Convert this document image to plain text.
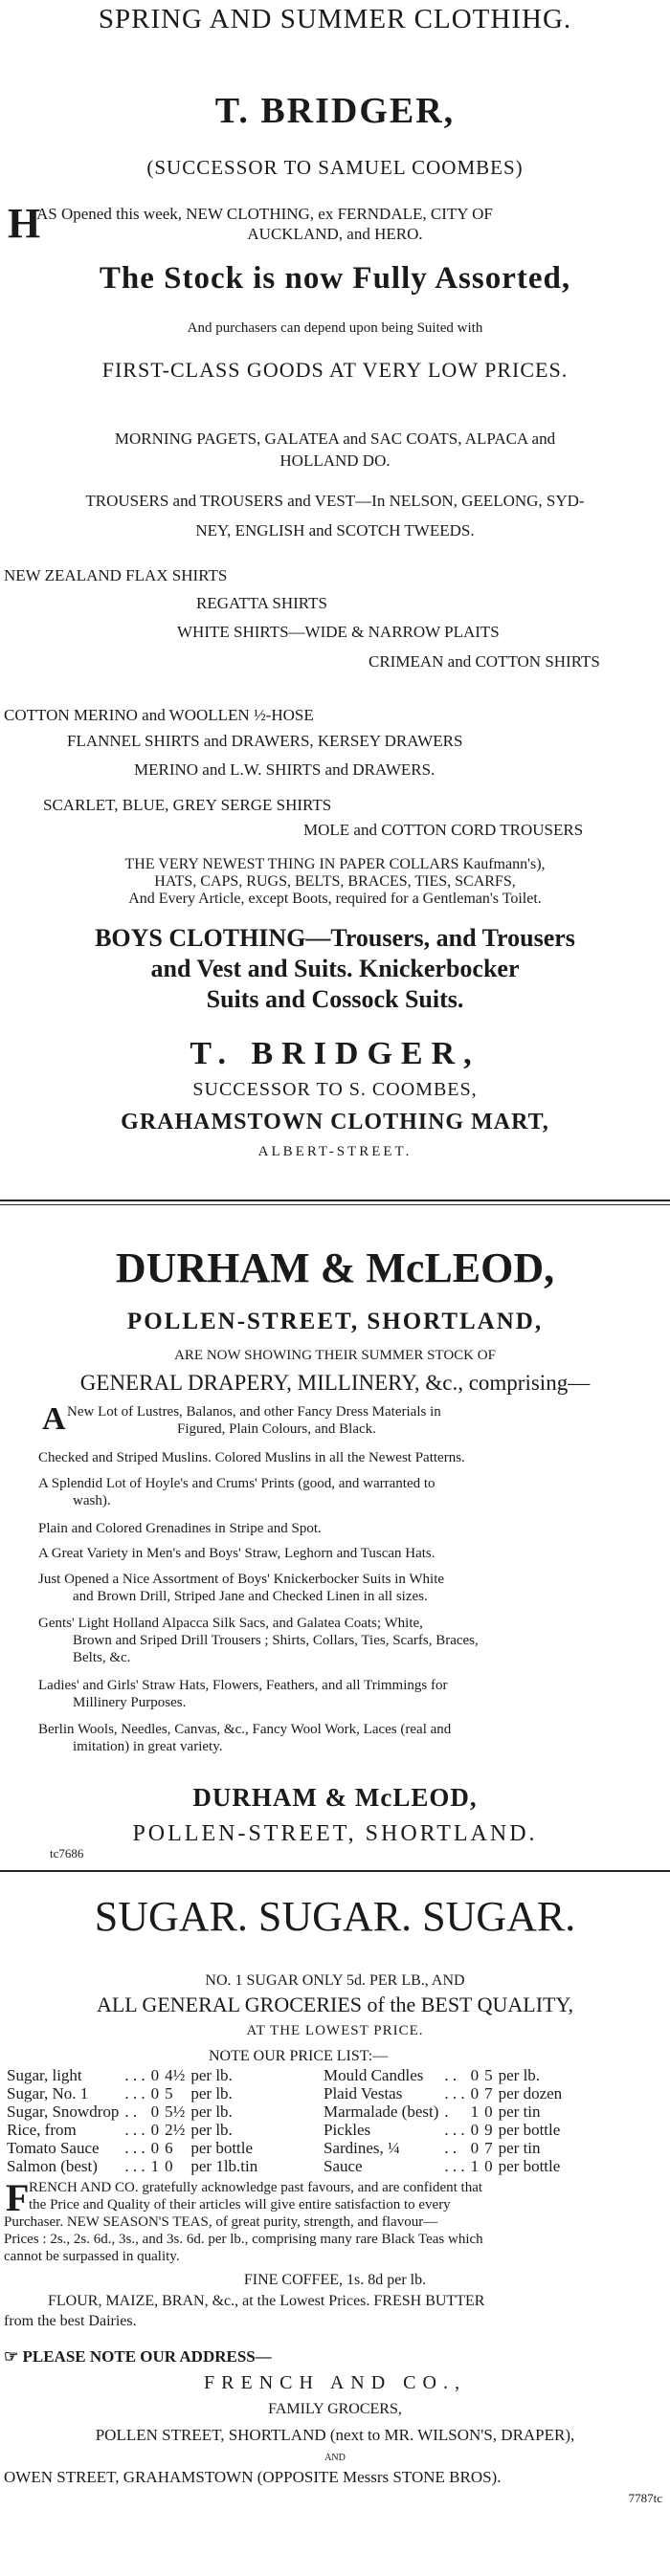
SPRING AND SUMMER CLOTHIHG.
T. BRIDGER,
(SUCCESSOR TO SAMUEL COOMBES)
H
AS Opened this week, NEW CLOTHING, ex FERNDALE, CITY OF
AUCKLAND, and HERO.
The Stock is now Fully Assorted,
And purchasers can depend upon being Suited with
FIRST-CLASS GOODS AT VERY LOW PRICES.
MORNING PAGETS, GALATEA and SAC COATS, ALPACA and
HOLLAND DO.
TROUSERS and TROUSERS and VEST—In NELSON, GEELONG, SYD-
NEY, ENGLISH and SCOTCH TWEEDS.
NEW ZEALAND FLAX SHIRTS
REGATTA SHIRTS
WHITE SHIRTS—WIDE & NARROW PLAITS
CRIMEAN and COTTON SHIRTS
COTTON MERINO and WOOLLEN ½-HOSE
FLANNEL SHIRTS and DRAWERS, KERSEY DRAWERS
MERINO and L.W. SHIRTS and DRAWERS.
SCARLET, BLUE, GREY SERGE SHIRTS
MOLE and COTTON CORD TROUSERS
THE VERY NEWEST THING IN PAPER COLLARS Kaufmann's),
HATS, CAPS, RUGS, BELTS, BRACES, TIES, SCARFS,
And Every Article, except Boots, required for a Gentleman's Toilet.
BOYS CLOTHING—Trousers, and Trousers
and Vest and Suits. Knickerbocker
Suits and Cossock Suits.
T. BRIDGER,
SUCCESSOR TO S. COOMBES,
GRAHAMSTOWN CLOTHING MART,
ALBERT-STREET.
DURHAM & McLEOD,
POLLEN-STREET, SHORTLAND,
ARE NOW SHOWING THEIR SUMMER STOCK OF
GENERAL DRAPERY, MILLINERY, &c., comprising—
A New Lot of Lustres, Balanos, and other Fancy Dress Materials in
Figured, Plain Colours, and Black.
Checked and Striped Muslins. Colored Muslins in all the Newest Patterns.
A Splendid Lot of Hoyle's and Crums' Prints (good, and warranted to
wash).
Plain and Colored Grenadines in Stripe and Spot.
A Great Variety in Men's and Boys' Straw, Leghorn and Tuscan Hats.
Just Opened a Nice Assortment of Boys' Knickerbocker Suits in White
and Brown Drill, Striped Jane and Checked Linen in all sizes.
Gents' Light Holland Alpacca Silk Sacs, and Galatea Coats; White,
Brown and Sriped Drill Trousers ; Shirts, Collars, Ties, Scarfs, Braces,
Belts, &c.
Ladies' and Girls' Straw Hats, Flowers, Feathers, and all Trimmings for
Millinery Purposes.
Berlin Wools, Needles, Canvas, &c., Fancy Wool Work, Laces (real and
imitation) in great variety.
DURHAM & McLEOD,
POLLEN-STREET, SHORTLAND.
tc7686
SUGAR. SUGAR. SUGAR.
NO. 1 SUGAR ONLY 5d. PER LB., AND
ALL GENERAL GROCERIES of the BEST QUALITY,
AT THE LOWEST PRICE.
NOTE OUR PRICE LIST:—
Sugar, light	. . .	0	4½	per lb.
Sugar, No. 1	. . .	0	5	per lb.
Sugar, Snowdrop	. .	0	5½	per lb.
Rice, from	. . .	0	2½	per lb.
Tomato Sauce	. . .	0	6	per bottle
Salmon (best)	. . .	1	0	per 1lb.tin
Mould Candles	. .	0	5	per lb.
Plaid Vestas	. . .	0	7	per dozen
Marmalade (best)	.	1	0	per tin
Pickles	. . .	0	9	per bottle
Sardines, ¼	. .	0	7	per tin
Sauce	. . .	1	0	per bottle
F RENCH AND CO. gratefully acknowledge past favours, and are confident that
the Price and Quality of their articles will give entire satisfaction to every
Purchaser. NEW SEASON'S TEAS, of great purity, strength, and flavour—
Prices : 2s., 2s. 6d., 3s., and 3s. 6d. per lb., comprising many rare Black Teas which
cannot be surpassed in quality.
FINE COFFEE, 1s. 8d per lb.
FLOUR, MAIZE, BRAN, &c., at the Lowest Prices. FRESH BUTTER
from the best Dairies.
☞ PLEASE NOTE OUR ADDRESS—
FRENCH AND CO.,
FAMILY GROCERS,
POLLEN STREET, SHORTLAND (next to MR. WILSON'S, DRAPER),
AND
OWEN STREET, GRAHAMSTOWN (OPPOSITE Messrs STONE BROS).
7787tc
